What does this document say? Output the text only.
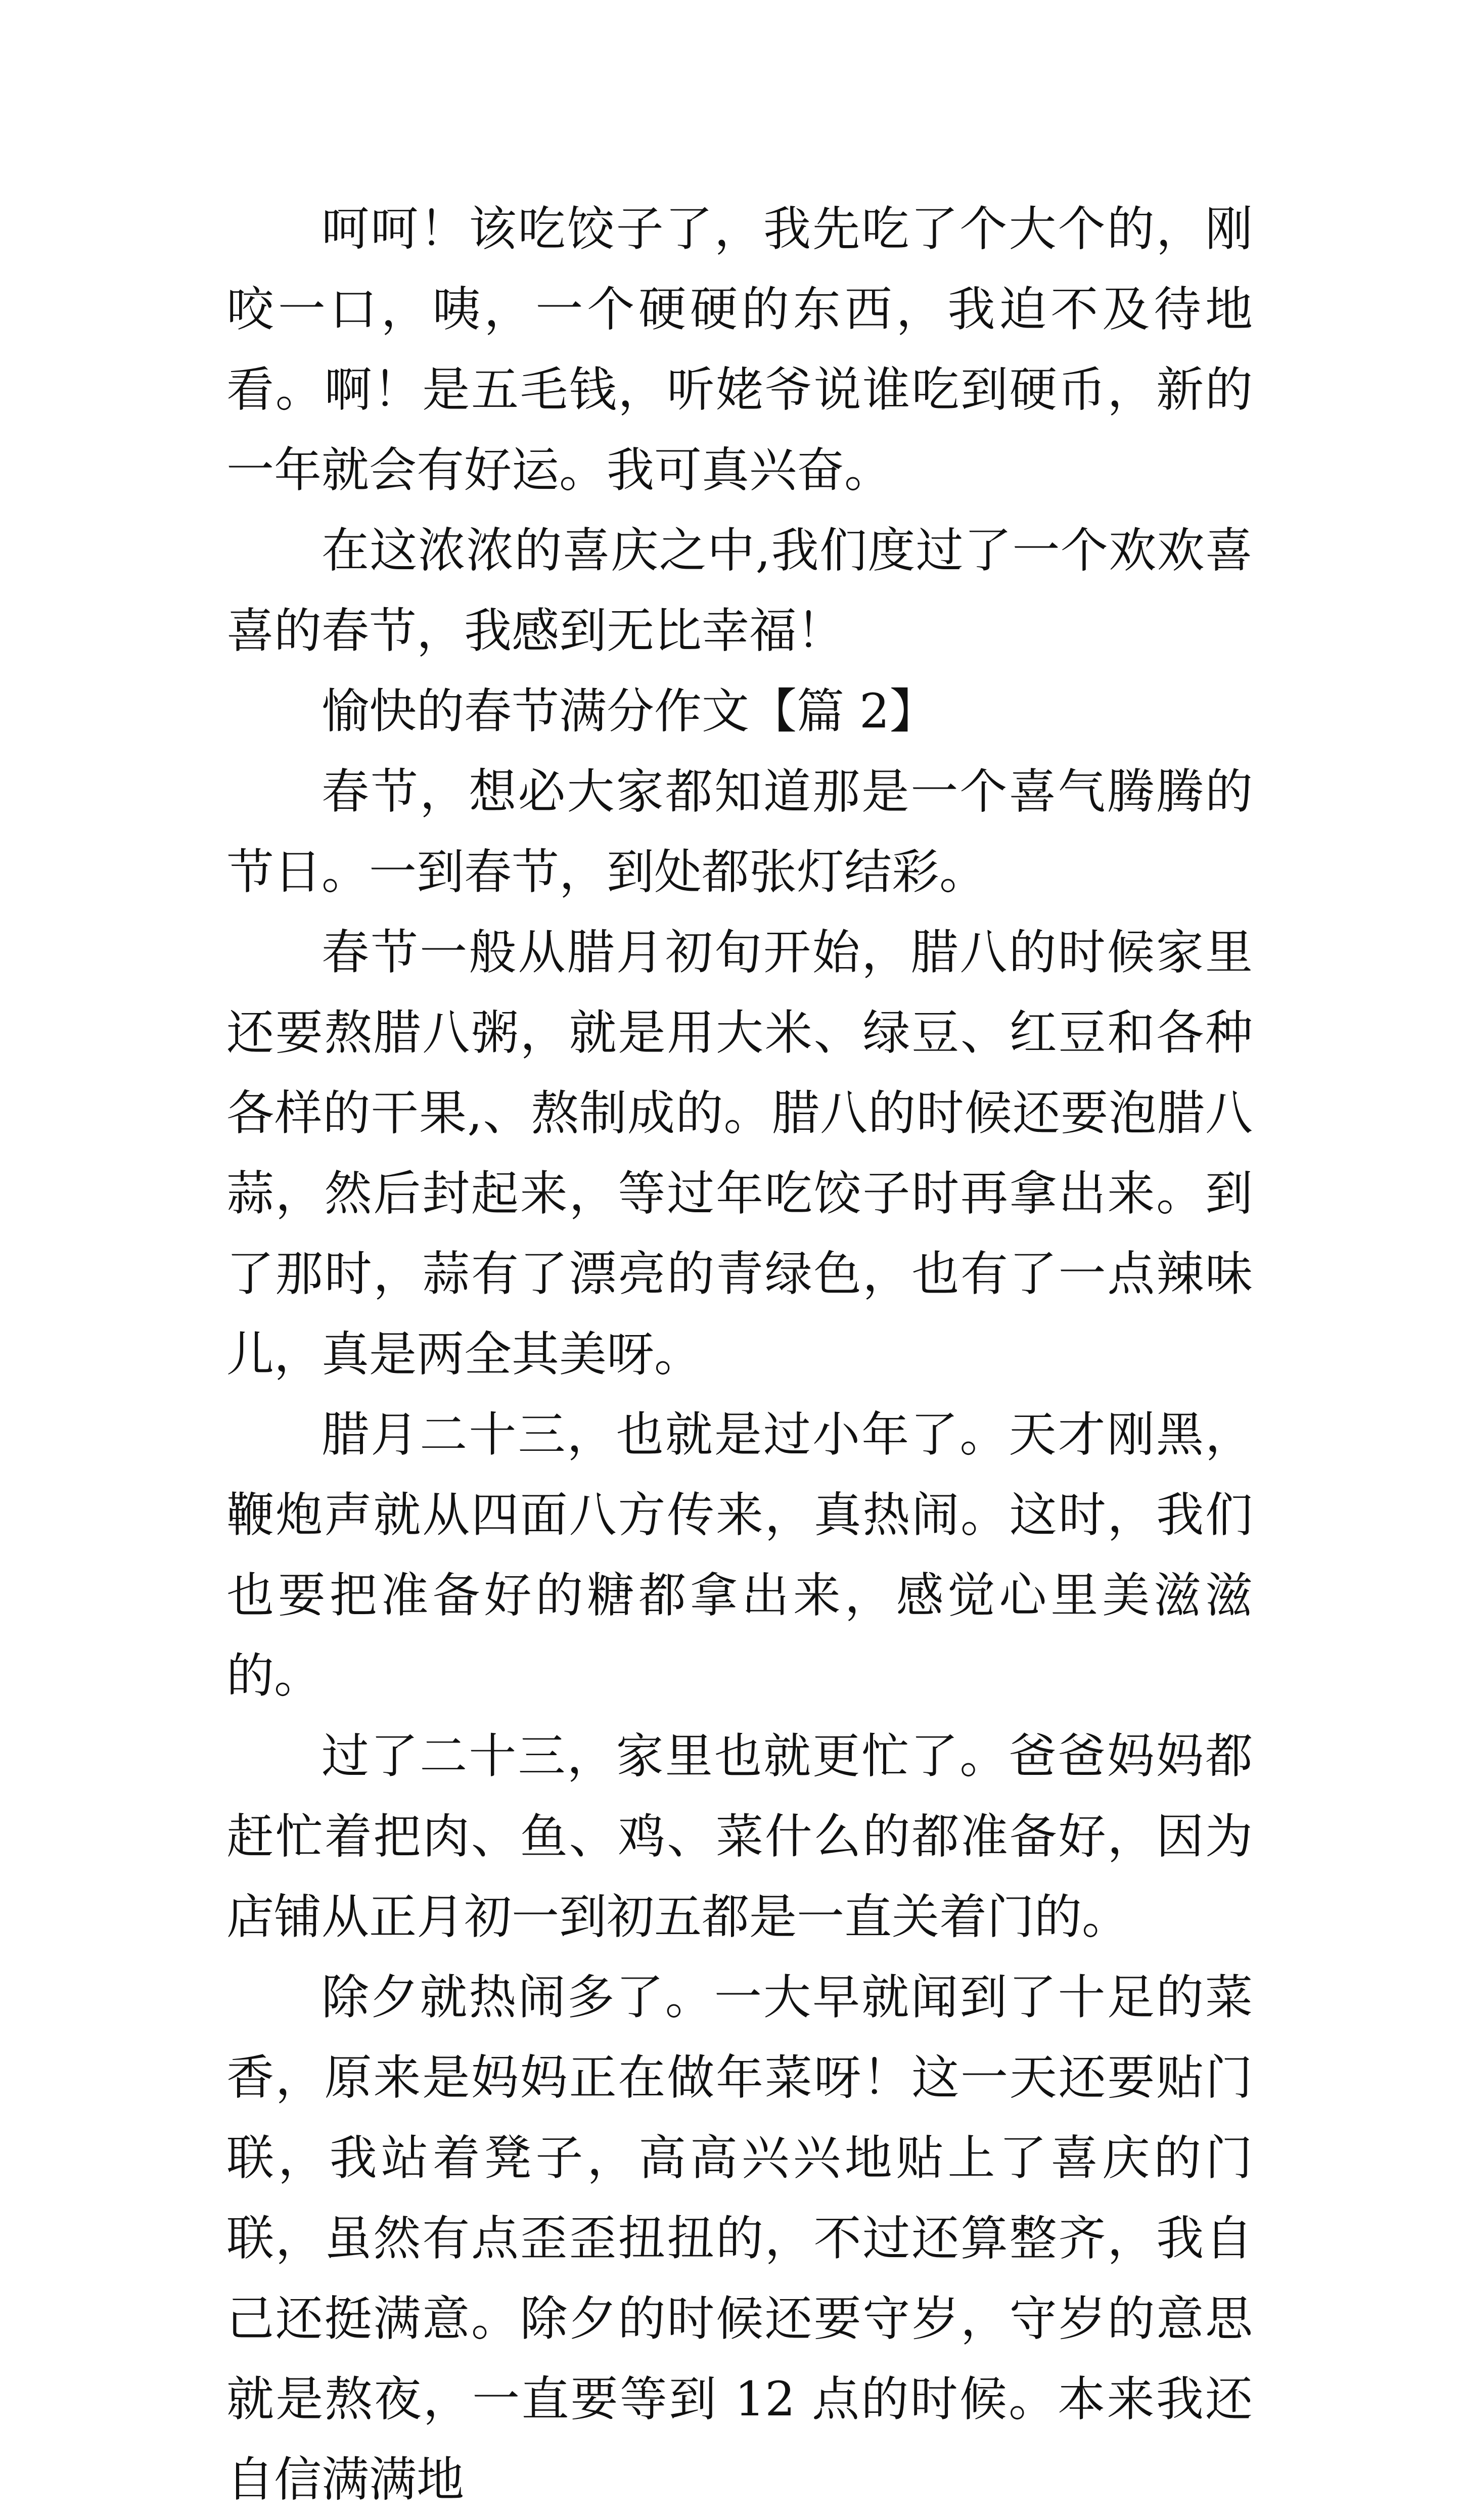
呵呵！该吃饺子了，我先吃了个大个的，刚咬一口，咦，一个硬硬的东西，我迫不及待地看。啊！是五毛钱，听姥爷说谁吃到硬币，新的一年就会有好运。我可真兴奋。

在这浓浓的喜庆之中,我们度过了一个欢欢喜喜的春节，我感到无比幸福！

愉快的春节满分作文【篇 2】

春节，想必大家都知道那是一个喜气腾腾的节日。一到春节，到处都张灯结彩。

春节一般从腊月初旬开始，腊八的时候家里还要熬腊八粥，就是用大米、绿豆、红豆和各种各样的干果,、熬制成的。腊八的时候还要泡腊八蒜，然后封起来，等过年吃饺子时再拿出来。到了那时，蒜有了漂亮的青绿色，也有了一点辣味儿，真是两全其美呀。

腊月二十三，也就是过小年了。天才刚黑，鞭炮声就从四面八方传来，真热闹。这时，我们也要把准备好的糖都拿出来，感觉心里美滋滋的。

过了二十三，家里也就更忙了。爸爸妈妈都赶忙着把肉、鱼、鸡、菜什么的都准备好，因为店铺从正月初一到初五都是一直关着门的。

除夕就热闹多了。一大早就闻到了十足的菜香，原来是妈妈正在做年菜呀！这一天还要贴门联，我站着凳子，高高兴兴地贴上了喜庆的门联，虽然有点歪歪扭扭的，不过还算整齐，我自己还挺满意。除夕的时候还要守岁，守岁的意思就是熬夜，一直要等到 12 点的时候。本来我还自信满满地
